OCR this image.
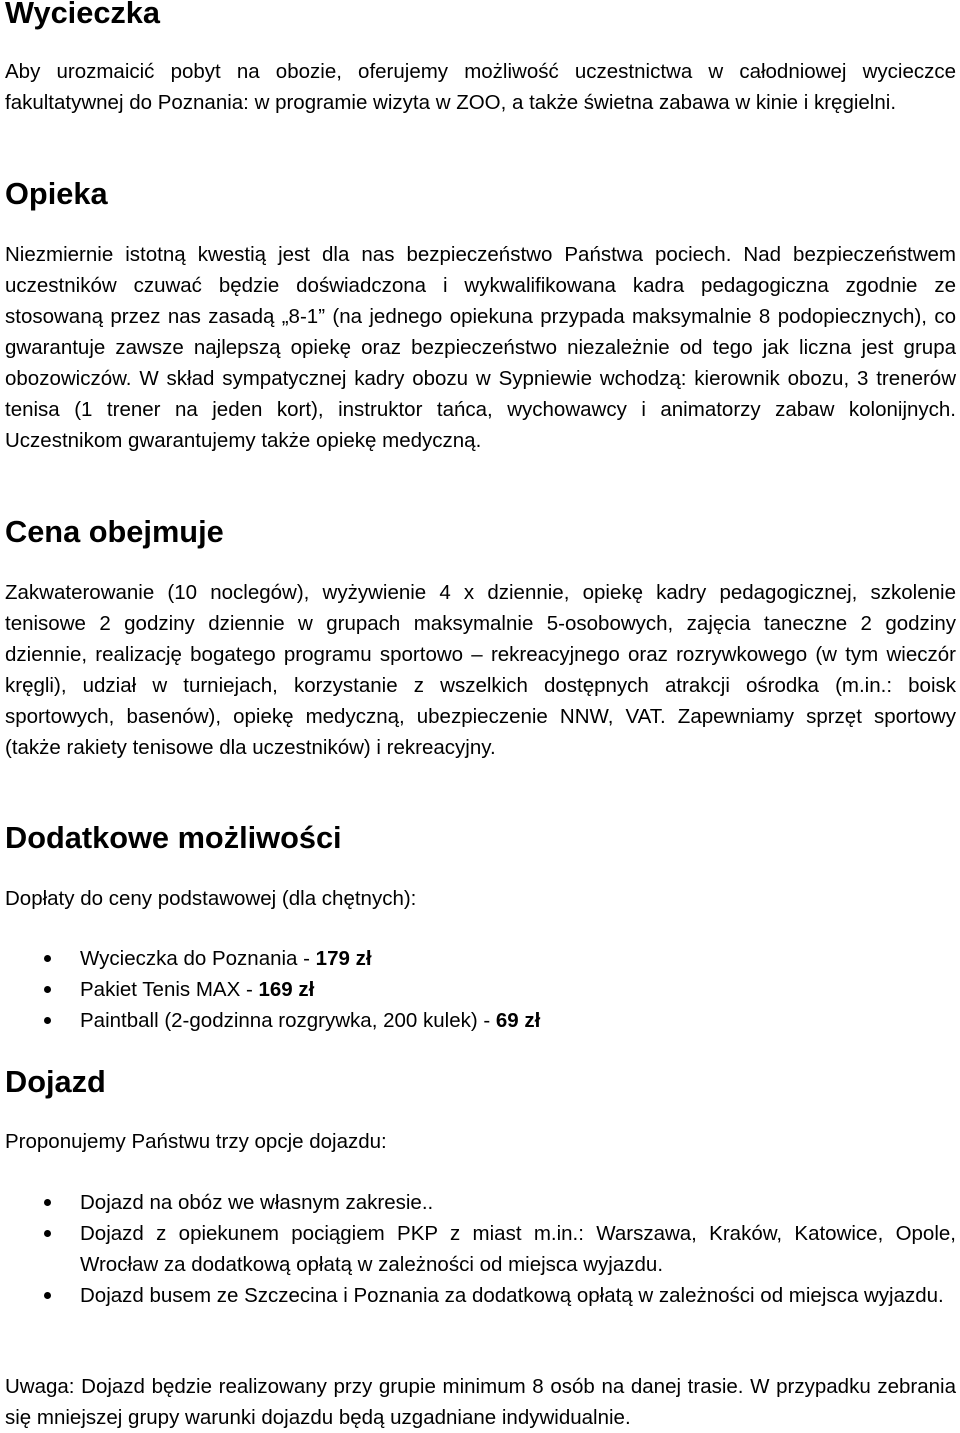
Wycieczka

Aby urozmaicić pobyt na obozie, oferujemy możliwość uczestnictwa w całodniowej wycieczce fakultatywnej do Poznania: w programie wizyta w ZOO, a także świetna zabawa w kinie i kręgielni.

Opieka

Niezmiernie istotną kwestią jest dla nas bezpieczeństwo Państwa pociech. Nad bezpieczeństwem uczestników czuwać będzie doświadczona i wykwalifikowana kadra pedagogiczna zgodnie ze stosowaną przez nas zasadą „8-1” (na jednego opiekuna przypada maksymalnie 8 podopiecznych), co gwarantuje zawsze najlepszą opiekę oraz bezpieczeństwo niezależnie od tego jak liczna jest grupa obozowiczów. W skład sympatycznej kadry obozu w Sypniewie wchodzą: kierownik obozu, 3 trenerów tenisa (1 trener na jeden kort), instruktor tańca, wychowawcy i animatorzy zabaw kolonijnych. Uczestnikom gwarantujemy także opiekę medyczną.

Cena obejmuje

Zakwaterowanie (10 noclegów), wyżywienie 4 x dziennie, opiekę kadry pedagogicznej, szkolenie tenisowe 2 godziny dziennie w grupach maksymalnie 5-osobowych, zajęcia taneczne 2 godziny dziennie, realizację bogatego programu sportowo – rekreacyjnego oraz rozrywkowego (w tym wieczór kręgli), udział w turniejach, korzystanie z wszelkich dostępnych atrakcji ośrodka (m.in.: boisk sportowych, basenów), opiekę medyczną, ubezpieczenie NNW, VAT. Zapewniamy sprzęt sportowy (także rakiety tenisowe dla uczestników) i rekreacyjny.

Dodatkowe możliwości

Dopłaty do ceny podstawowej (dla chętnych):

Wycieczka do Poznania - 179 zł
Pakiet Tenis MAX - 169 zł
Paintball (2-godzinna rozgrywka, 200 kulek) - 69 zł
Dojazd

Proponujemy Państwu trzy opcje dojazdu:

Dojazd na obóz we własnym zakresie..
Dojazd z opiekunem pociągiem PKP z miast m.in.: Warszawa, Kraków, Katowice, Opole, Wrocław za dodatkową opłatą w zależności od miejsca wyjazdu.
Dojazd busem ze Szczecina i Poznania za dodatkową opłatą w zależności od miejsca wyjazdu.

Uwaga: Dojazd będzie realizowany przy grupie minimum 8 osób na danej trasie. W przypadku zebrania się mniejszej grupy warunki dojazdu będą uzgadniane indywidualnie.
